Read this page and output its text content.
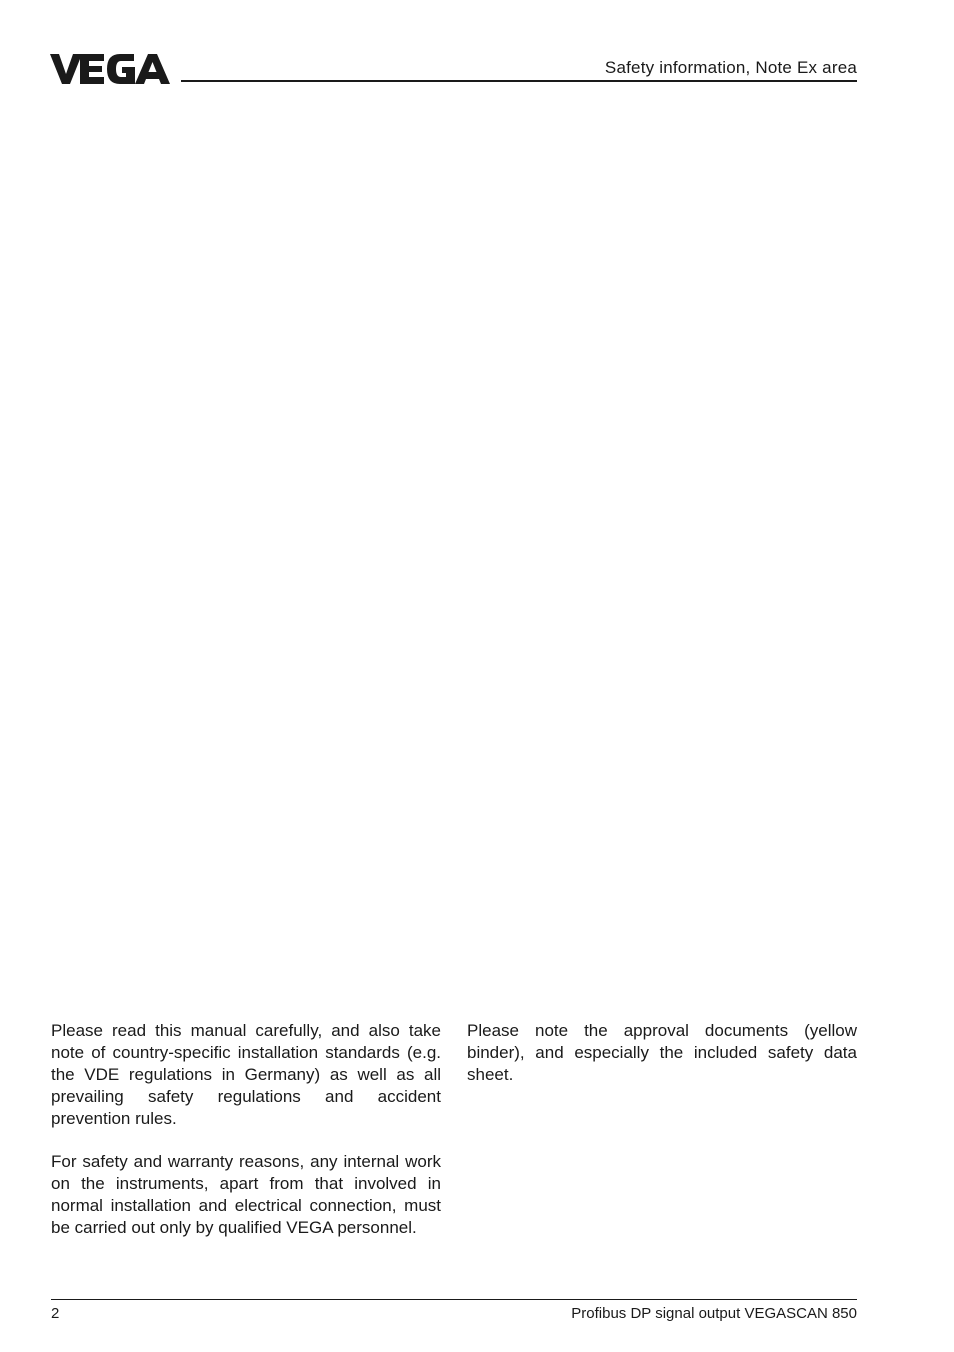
Safety information, Note Ex area

Please read this manual carefully, and also take note of country-specific installation standards (e.g. the VDE regulations in Germany) as well as all prevailing safety regulations and accident prevention rules.

For safety and warranty reasons, any internal work on the instruments, apart from that involved in normal installation and electrical connection, must be carried out only by qualified VEGA personnel.

Please note the approval documents (yellow binder), and especially the included safety data sheet.

2	Profibus DP signal output VEGASCAN 850
